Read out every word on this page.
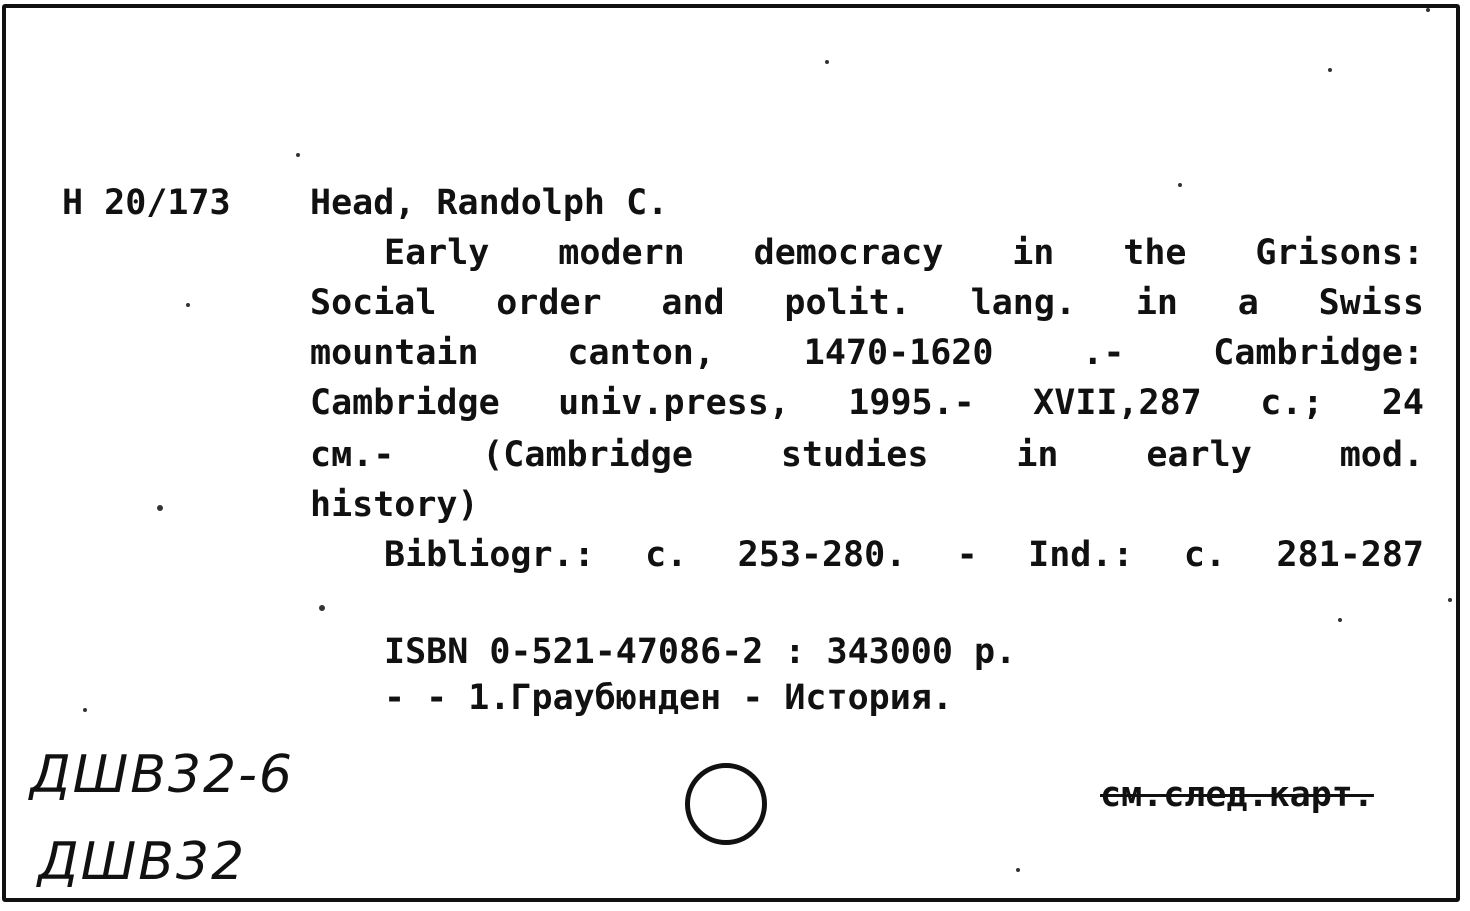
H 20/173 Head, Randolph C.
Early modern democracy in the Grisons:
Social order and polit. lang. in a Swiss
mountain canton, 1470-1620 .- Cambridge:
Cambridge univ.press, 1995.- XVII,287 c.; 24
cм.- (Cambridge studies in early mod.
history)
Bibliogr.: c. 253-280. - Ind.: c. 281-287
ISBN 0-521-47086-2 : 343000 р.
- - 1.Граубюнден - История.
ДШВ32-6
ДШВ32
см.след.карт.
